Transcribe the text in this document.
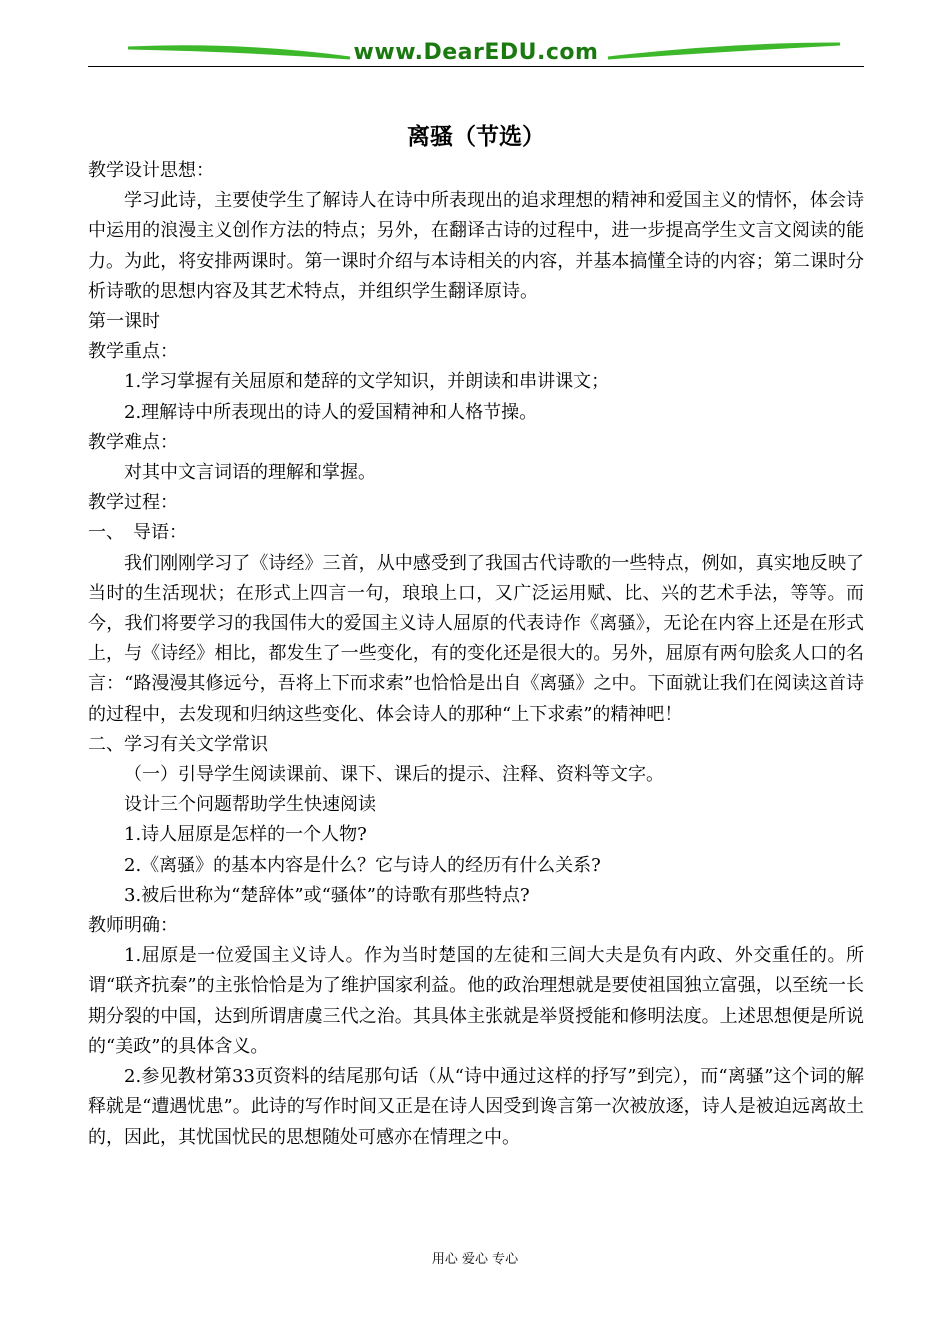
www.DearEDU.com
离骚（节选）

教学设计思想：

学习此诗，主要使学生了解诗人在诗中所表现出的追求理想的精神和爱国主义的情怀，体会诗中运用的浪漫主义创作方法的特点；另外，在翻译古诗的过程中，进一步提高学生文言文阅读的能力。为此，将安排两课时。第一课时介绍与本诗相关的内容，并基本搞懂全诗的内容；第二课时分析诗歌的思想内容及其艺术特点，并组织学生翻译原诗。

第一课时

教学重点：

1.学习掌握有关屈原和楚辞的文学知识，并朗读和串讲课文；

2.理解诗中所表现出的诗人的爱国精神和人格节操。

教学难点：

对其中文言词语的理解和掌握。

教学过程：

一、　导语：

我们刚刚学习了《诗经》三首，从中感受到了我国古代诗歌的一些特点，例如，真实地反映了当时的生活现状；在形式上四言一句，琅琅上口，又广泛运用赋、比、兴的艺术手法，等等。而今，我们将要学习的我国伟大的爱国主义诗人屈原的代表诗作《离骚》，无论在内容上还是在形式上，与《诗经》相比，都发生了一些变化，有的变化还是很大的。另外，屈原有两句脍炙人口的名言：“路漫漫其修远兮，吾将上下而求索”也恰恰是出自《离骚》之中。下面就让我们在阅读这首诗的过程中，去发现和归纳这些变化、体会诗人的那种“上下求索”的精神吧！

二、学习有关文学常识

（一）引导学生阅读课前、课下、课后的提示、注释、资料等文字。

设计三个问题帮助学生快速阅读

1.诗人屈原是怎样的一个人物?

2.《离骚》的基本内容是什么？它与诗人的经历有什么关系?

3.被后世称为“楚辞体”或“骚体”的诗歌有那些特点?

教师明确：

1.屈原是一位爱国主义诗人。作为当时楚国的左徒和三闾大夫是负有内政、外交重任的。所谓“联齐抗秦”的主张恰恰是为了维护国家利益。他的政治理想就是要使祖国独立富强，以至统一长期分裂的中国，达到所谓唐虞三代之治。其具体主张就是举贤授能和修明法度。上述思想便是所说的“美政”的具体含义。

2.参见教材第33页资料的结尾那句话（从“诗中通过这样的抒写”到完），而“离骚”这个词的解释就是“遭遇忧患”。此诗的写作时间又正是在诗人因受到谗言第一次被放逐，诗人是被迫远离故土的，因此，其忧国忧民的思想随处可感亦在情理之中。

用心 爱心 专心
